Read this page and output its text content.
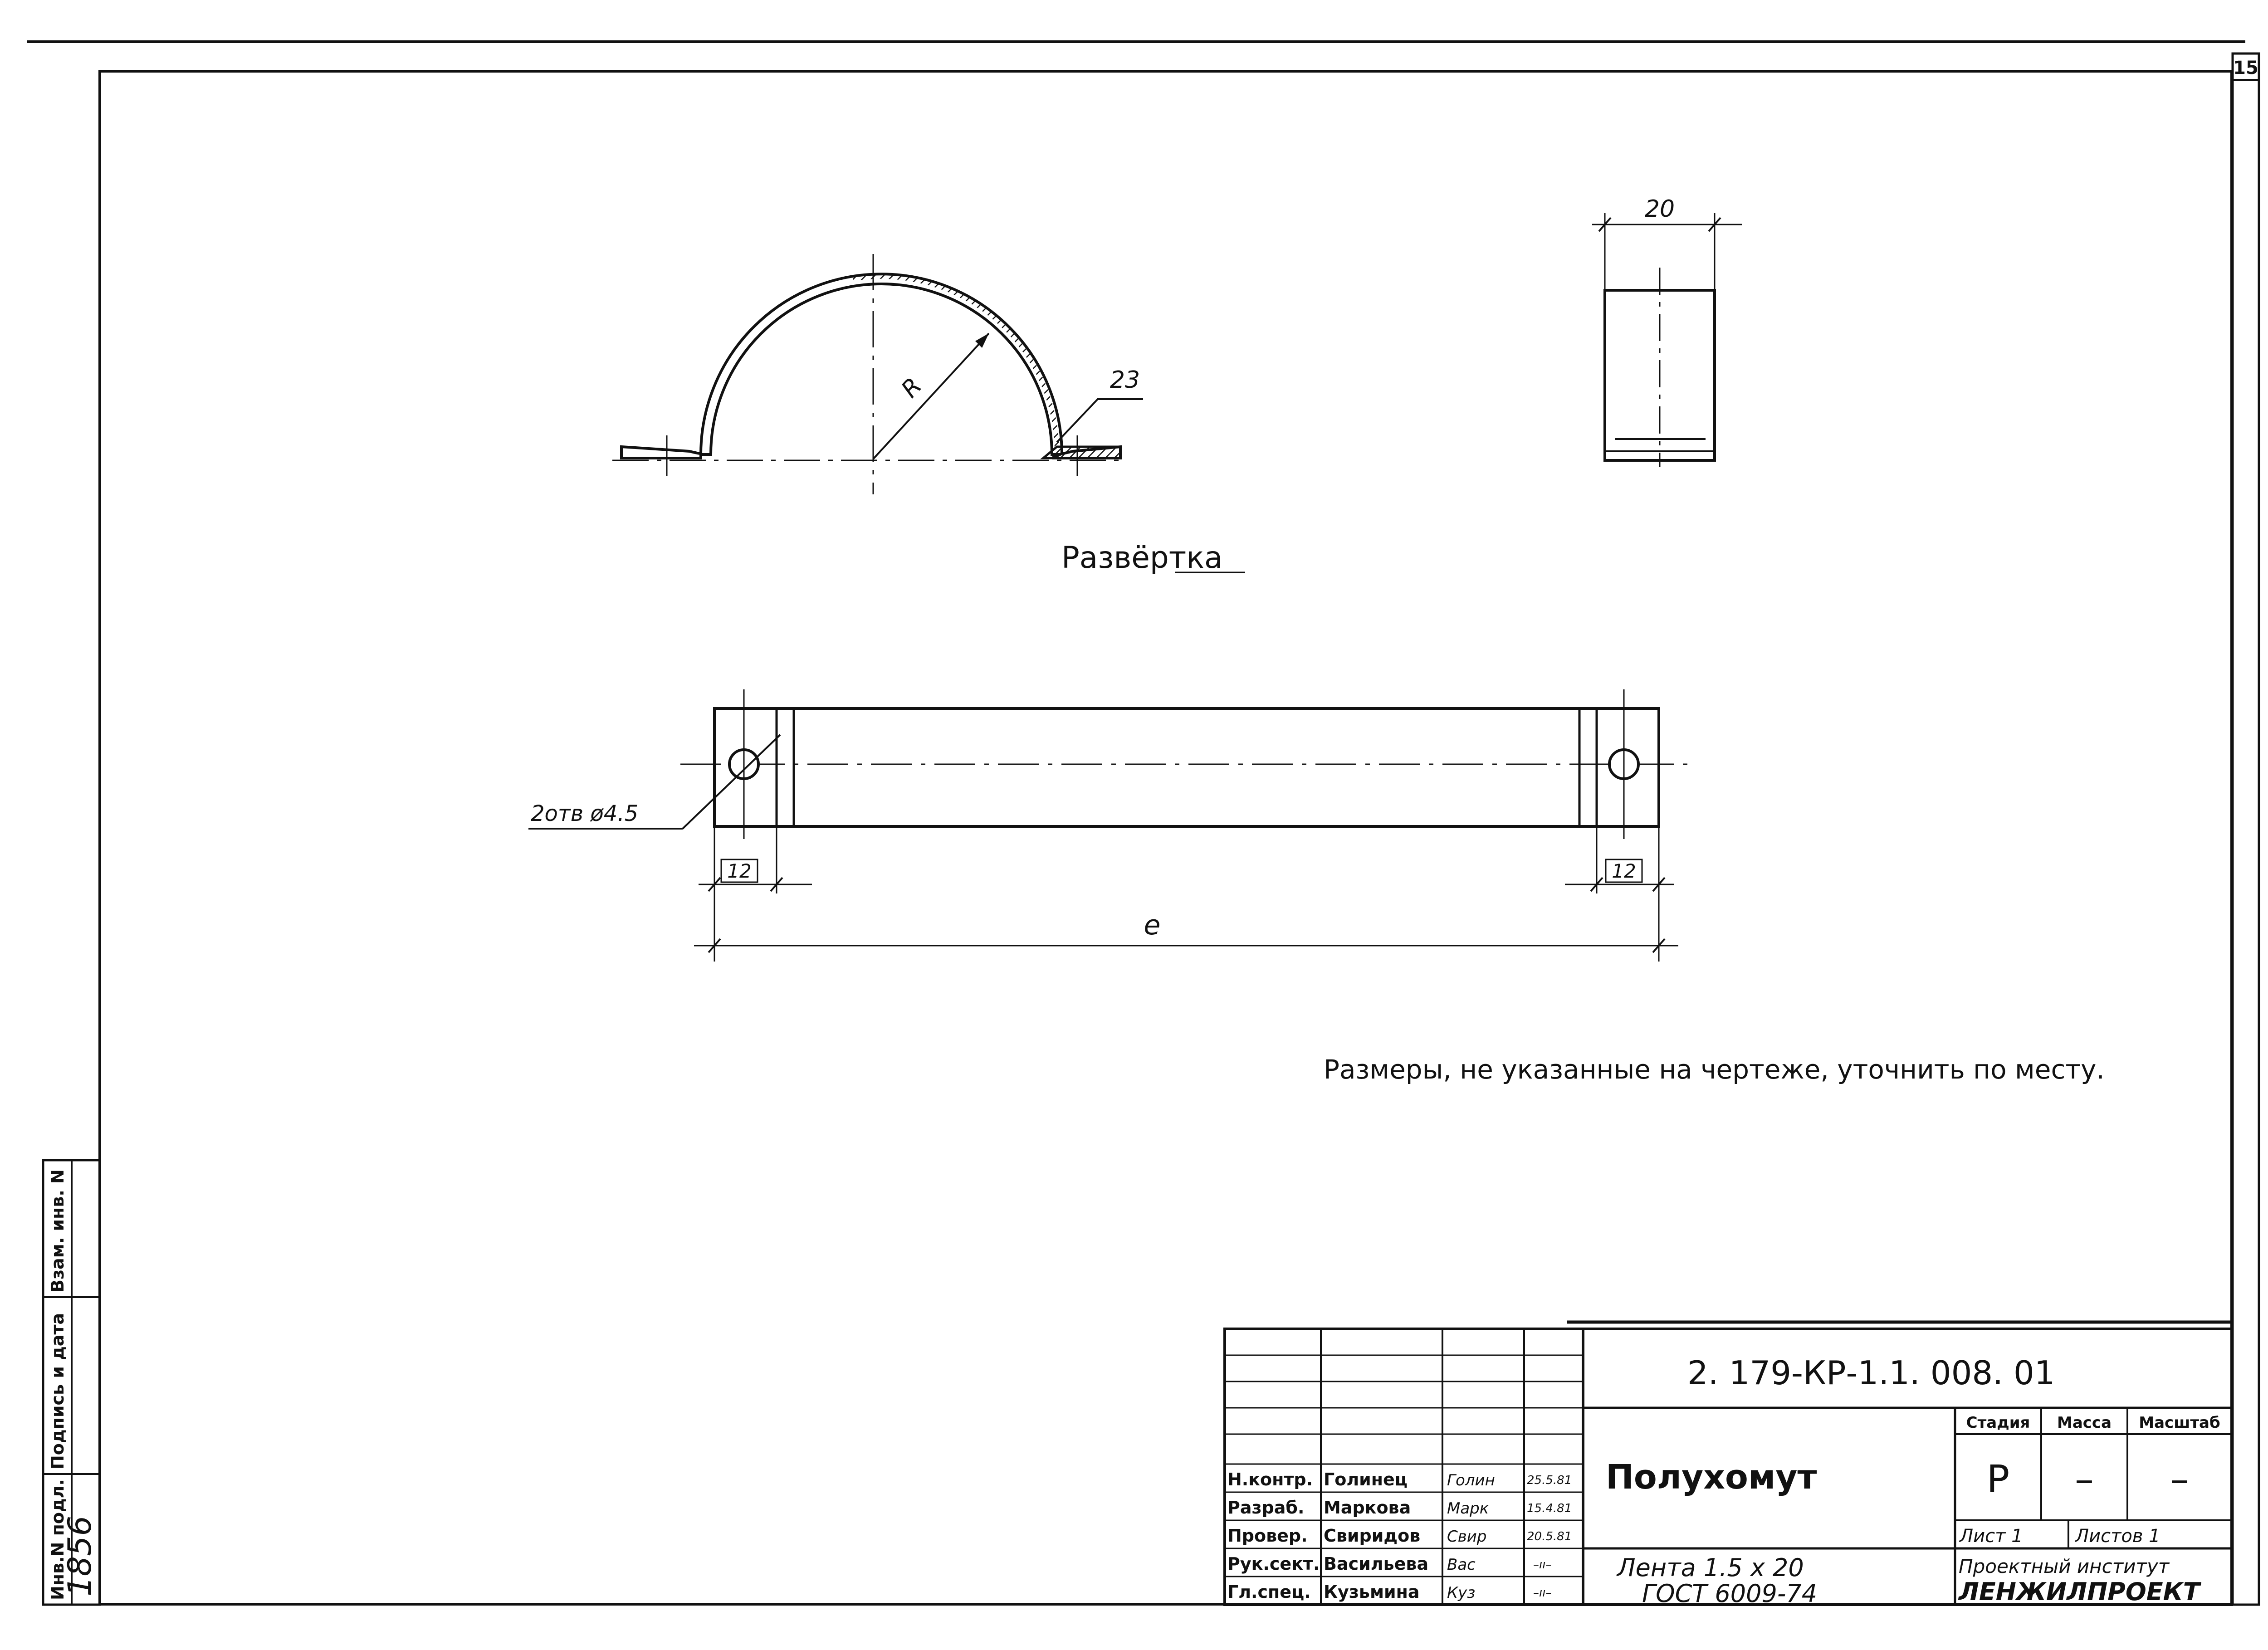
15
R	23
20
Развёртка
2отв ø4.5
12	12
e
Размеры, не указанные на чертеже, уточнить по месту.
Инв.N подл.
Подпись и дата
Взам. инв. N
1856
2. 179-КР-1.1. 008. 01
Полухомут
Лента 1.5 x 20
ГОСТ 6009-74
Стадия Масса Масштаб
Р – –
Лист 1	Листов 1
Проектный институт
ЛЕНЖИЛПРОЕКТ
Н.контр. Голинец	Голин	25.5.81
Разраб. Маркова Марк	15.4.81
Провер. Свиридов Свир	20.5.81
Рук.сект. Васильева Вас	–ıı–
Гл.спец. Кузьмина Куз	–ıı–
